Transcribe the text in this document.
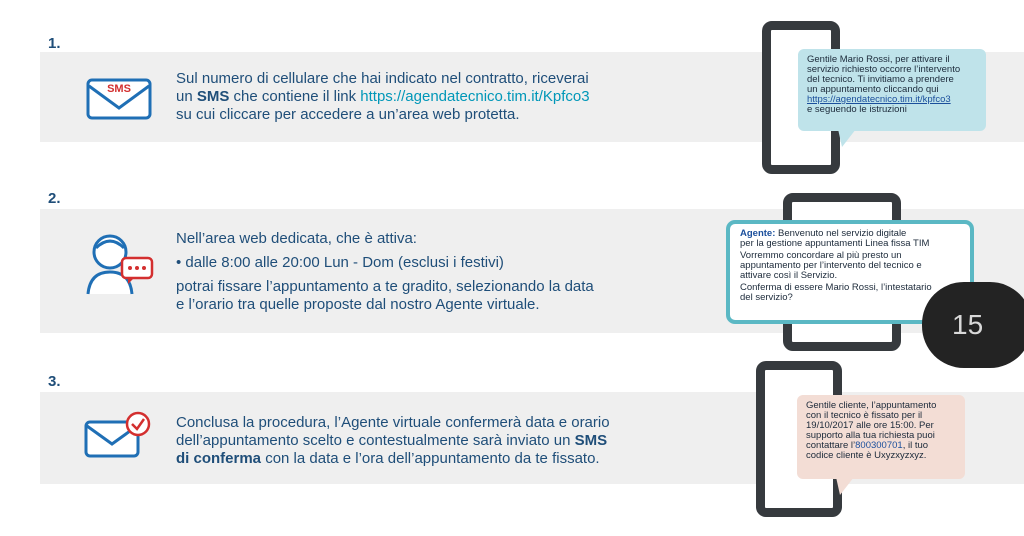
1.
SMS
Sul numero di cellulare che hai indicato nel contratto, riceverai
un SMS che contiene il link https://agendatecnico.tim.it/Kpfco3
su cui cliccare per accedere a un’area web protetta.
Gentile Mario Rossi, per attivare il
servizio richiesto occorre l’intervento
del tecnico. Ti invitiamo a prendere
un appuntamento cliccando qui
https://agendatecnico.tim.it/kpfco3
e seguendo le istruzioni
2.
Nell’area web dedicata, che è attiva:
• dalle 8:00 alle 20:00 Lun - Dom (esclusi i festivi)
potrai fissare l’appuntamento a te gradito, selezionando la data
e l’orario tra quelle proposte dal nostro Agente virtuale.
Agente: Benvenuto nel servizio digitale
per la gestione appuntamenti Linea fissa TIM
Vorremmo concordare al più presto un
appuntamento per l’intervento del tecnico e
attivare così il Servizio.
Conferma di essere Mario Rossi, l’intestatario
del servizio?
15
3.
Conclusa la procedura, l’Agente virtuale confermerà data e orario
dell’appuntamento scelto e contestualmente sarà inviato un SMS
di conferma con la data e l’ora dell’appuntamento da te fissato.
Gentile cliente, l’appuntamento
con il tecnico è fissato per il
19/10/2017 alle ore 15:00. Per
supporto alla tua richiesta puoi
contattare l’800300701, il tuo
codice cliente è Uxyzxyzxyz.
